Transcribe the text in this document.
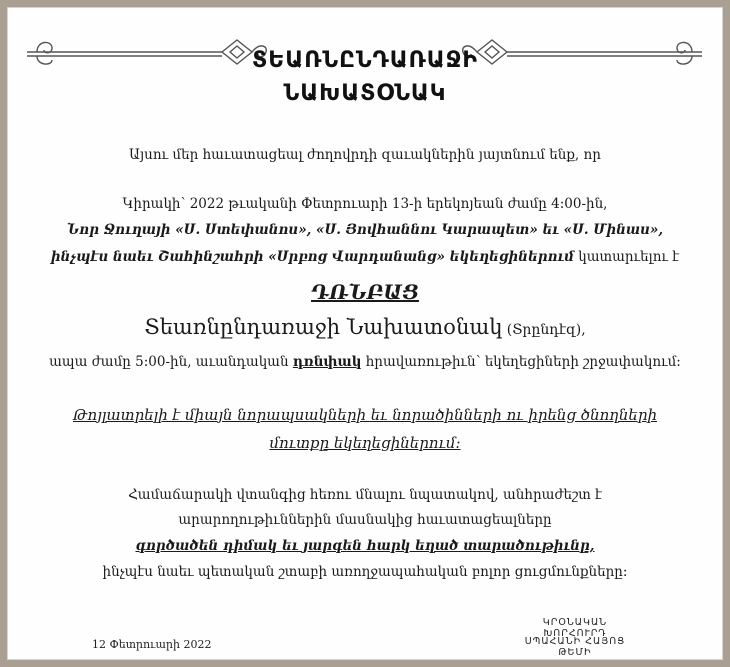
ՏԵԱՌՆԸՆԴԱՌԱՋԻ
ՆԱԽԱՏՕՆԱԿ
Այսու մեր հաւատացեալ ժողովրդի զաւակներին յայտնում ենք, որ
Կիրակի՝ 2022 թւականի Փետրուարի 13-ի երեկոյեան ժամը 4:00-ին,
Նոր Ջուղայի «Ս. Ստեփանոս», «Ս. Յովհաննու Կարապետ» եւ «Ս. Մինաս»,
ինչպէս նաեւ Շահինշահրի «Սրբոց Վարդանանց» եկեղեցիներում կատարւելու է
ԴՌՆԲԱՑ
Տեառնընդառաջի Նախատօնակ (Տրընդէզ),
ապա ժամը 5:00-ին, աւանդական դռնփակ հրավառութիւն՝ եկեղեցիների շրջափակում:
Թոյլատրելի է միայն նորապսակների եւ նորածինների ու իրենց ծնողների
մուտքը եկեղեցիներում:
Համաճարակի վտանգից հեռու մնալու նպատակով, անհրաժեշտ է
արարողութիւններին մասնակից հաւատացեալները
գործածեն դիմակ եւ յարգեն հարկ եղած տարածութիւնը,
ինչպէս նաեւ պետական շտաբի առողջապահական բոլոր ցուցմունքները:
12 Փետրուարի 2022
ԿՐՕՆԱԿԱՆ ԽՈՐՀՈՒՐԴ
ՍՊԱՀԱՆԻ ՀԱՅՈՑ ԹԵՄԻ
